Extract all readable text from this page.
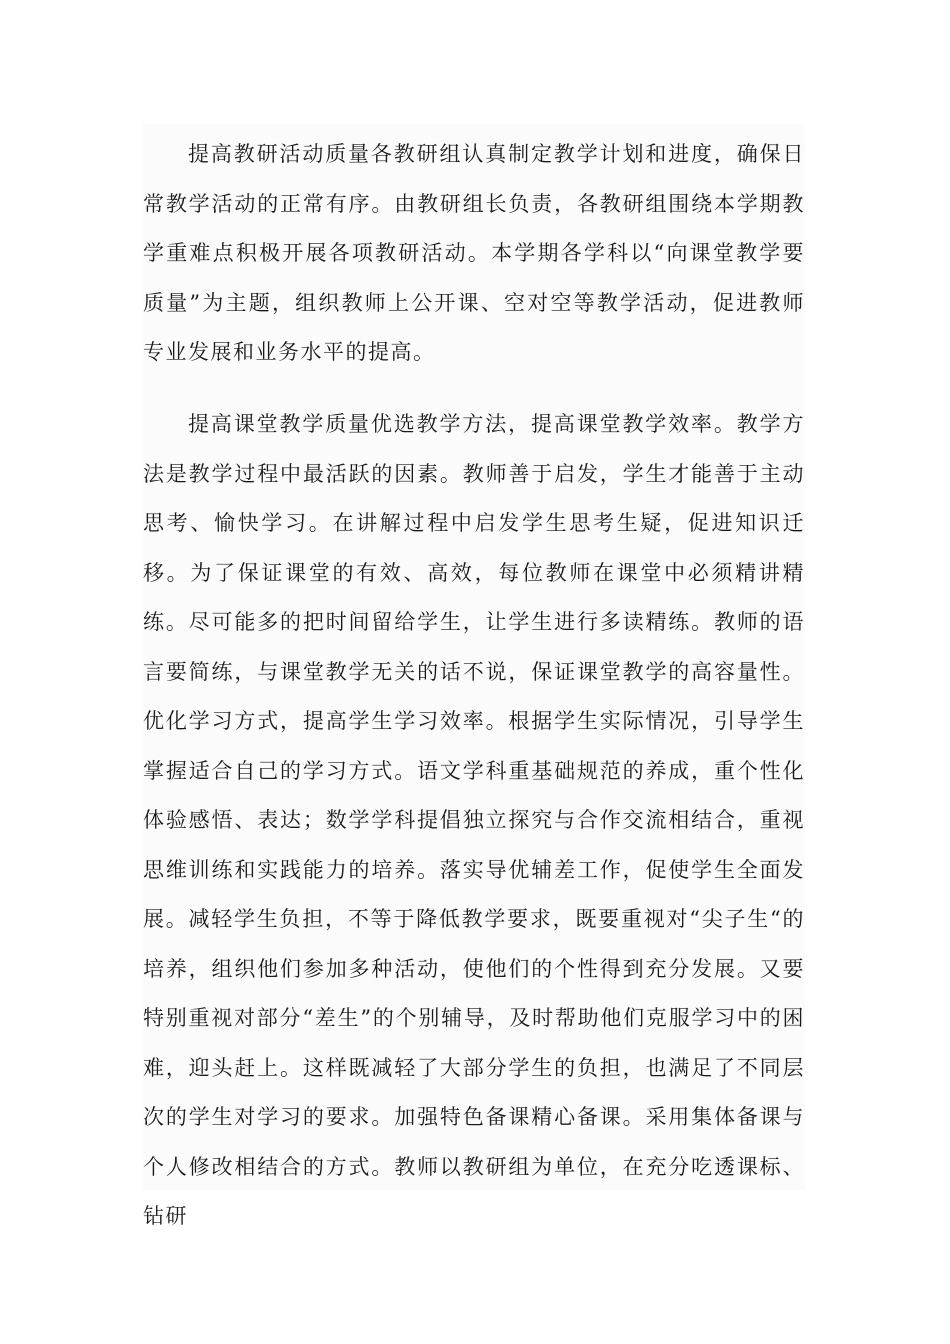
提高教研活动质量各教研组认真制定教学计划和进度，确保日常教学活动的正常有序。由教研组长负责，各教研组围绕本学期教学重难点积极开展各项教研活动。本学期各学科以“向课堂教学要质量”为主题，组织教师上公开课、空对空等教学活动，促进教师专业发展和业务水平的提高。

提高课堂教学质量优选教学方法，提高课堂教学效率。教学方法是教学过程中最活跃的因素。教师善于启发，学生才能善于主动思考、愉快学习。在讲解过程中启发学生思考生疑，促进知识迁移。为了保证课堂的有效、高效，每位教师在课堂中必须精讲精练。尽可能多的把时间留给学生，让学生进行多读精练。教师的语言要简练，与课堂教学无关的话不说，保证课堂教学的高容量性。优化学习方式，提高学生学习效率。根据学生实际情况，引导学生掌握适合自己的学习方式。语文学科重基础规范的养成，重个性化体验感悟、表达；数学学科提倡独立探究与合作交流相结合，重视思维训练和实践能力的培养。落实导优辅差工作，促使学生全面发展。减轻学生负担，不等于降低教学要求，既要重视对“尖子生“的培养，组织他们参加多种活动，使他们的个性得到充分发展。又要特别重视对部分“差生”的个别辅导，及时帮助他们克服学习中的困难，迎头赶上。这样既减轻了大部分学生的负担，也满足了不同层次的学生对学习的要求。加强特色备课精心备课。采用集体备课与个人修改相结合的方式。教师以教研组为单位，在充分吃透课标、钻研
